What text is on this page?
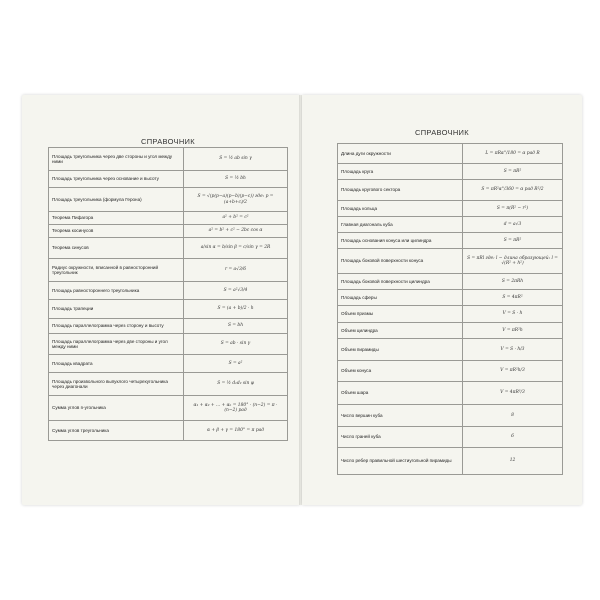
СПРАВОЧНИК
Площадь треугольника через две стороны и угол между ними	S = ½ ab sin γ
Площадь треугольника через основание и высоту	S = ½ bh
Площадь треугольника (формула Герона)	S = √(p(p−a)(p−b)(p−c)) где: p = (a+b+c)/2
Теорема Пифагора	a² + b² = c²
Теорема косинусов	a² = b² + c² − 2bc cos α
Теорема синусов	a/sin α = b/sin β = c/sin γ = 2R
Радиус окружности, вписанной в равносторонний треугольник	r = a√3/6
Площадь равностороннего треугольника	S = a²√3/4
Площадь трапеции	S = (a + b)/2 · h
Площадь параллелограмма через сторону и высоту	S = bh
Площадь параллелограмма через две стороны и угол между ними	S = ab · sin γ
Площадь квадрата	S = a²
Площадь произвольного выпуклого четырехугольника через диагонали	S = ½ d₁d₂ sin φ
Сумма углов n-угольника	α₁ + α₂ + ... + αₙ = 180° · (n−2) = π · (n−2) рад
Сумма углов треугольника	α + β + γ = 180° = π рад
СПРАВОЧНИК
Длина дуги окружности	L = πRα°/180 = α рад R
Площадь круга	S = πR²
Площадь кругового сектора	S = πR²α°/360 = α рад R²/2
Площадь кольца	S = π(R² − r²)
Главная диагональ куба	d = a√3
Площадь основания конуса или цилиндра	S = πR²
Площадь боковой поверхности конуса	S = πRl где: l − длина образующей: l = √(R² + h²)
Площадь боковой поверхности цилиндра	S = 2πRh
Площадь сферы	S = 4πR²
Объем призмы	V = S · h
Объем цилиндра	V = πR²h
Объем пирамиды	V = S · h/3
Объем конуса	V = πR²h/3
Объем шара	V = 4πR³/3
Число вершин куба	8
Число граней куба	6
Число ребер правильной шестиугольной пирамиды	12
